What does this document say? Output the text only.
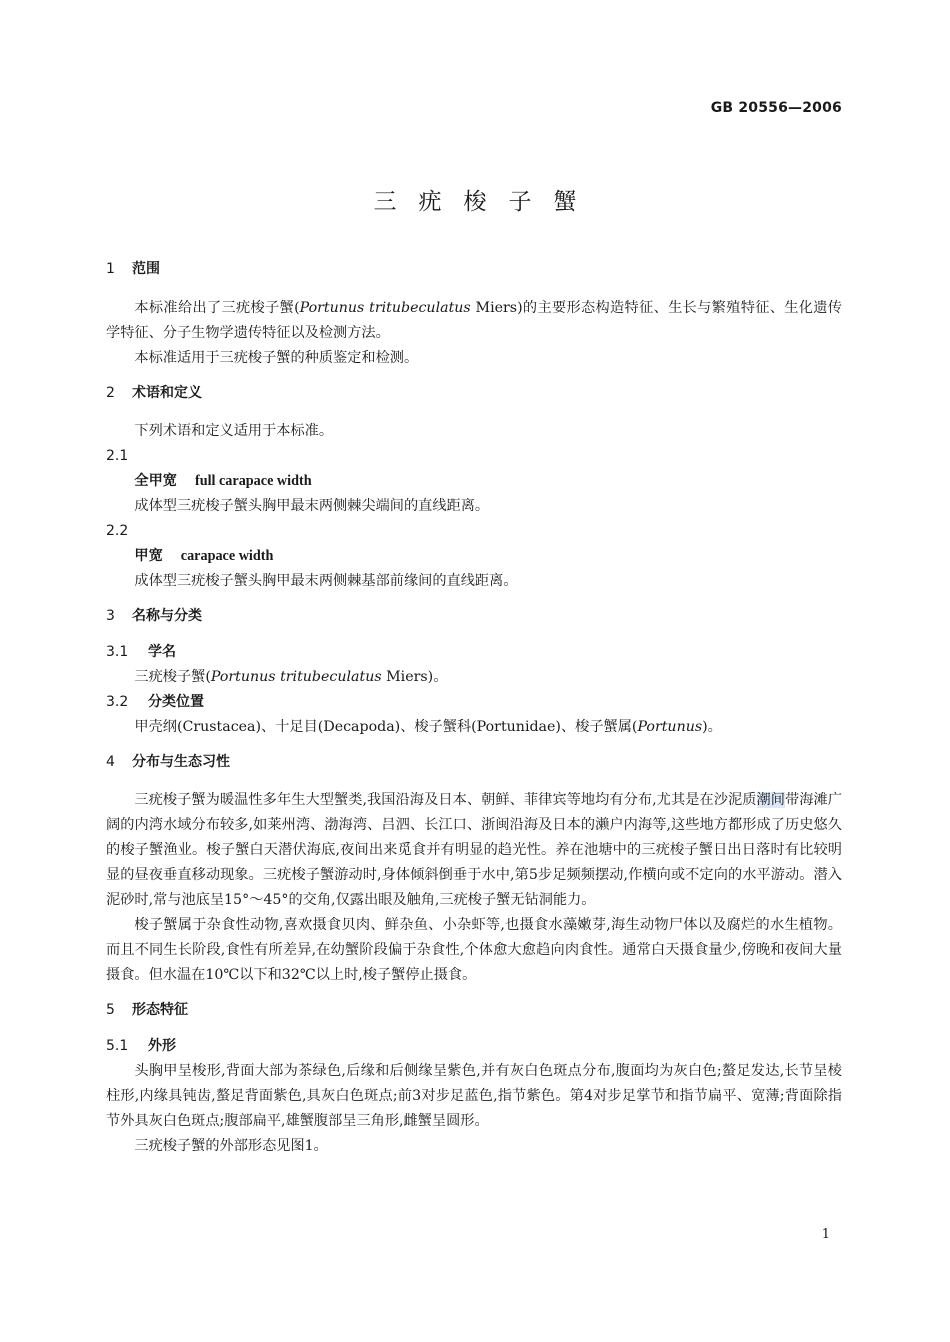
GB 20556—2006
三疣梭子蟹
1 范围

本标准给出了三疣梭子蟹(Portunus tritubeculatus Miers)的主要形态构造特征、生长与繁殖特征、生化遗传学特征、分子生物学遗传特征以及检测方法。

本标准适用于三疣梭子蟹的种质鉴定和检测。

2 术语和定义

下列术语和定义适用于本标准。

2.1
全甲宽 full carapace width

成体型三疣梭子蟹头胸甲最末两侧棘尖端间的直线距离。

2.2
甲宽 carapace width

成体型三疣梭子蟹头胸甲最末两侧棘基部前缘间的直线距离。

3 名称与分类
3.1 学名

三疣梭子蟹(Portunus tritubeculatus Miers)。

3.2 分类位置

甲壳纲(Crustacea)、十足目(Decapoda)、梭子蟹科(Portunidae)、梭子蟹属(Portunus)。

4 分布与生态习性

三疣梭子蟹为暖温性多年生大型蟹类,我国沿海及日本、朝鲜、菲律宾等地均有分布,尤其是在沙泥质潮间带海滩广阔的内湾水域分布较多,如莱州湾、渤海湾、吕泗、长江口、浙闽沿海及日本的濑户内海等,这些地方都形成了历史悠久的梭子蟹渔业。梭子蟹白天潜伏海底,夜间出来觅食并有明显的趋光性。养在池塘中的三疣梭子蟹日出日落时有比较明显的昼夜垂直移动现象。三疣梭子蟹游动时,身体倾斜倒垂于水中,第5步足频频摆动,作横向或不定向的水平游动。潜入泥砂时,常与池底呈15°～45°的交角,仅露出眼及触角,三疣梭子蟹无钻洞能力。

梭子蟹属于杂食性动物,喜欢摄食贝肉、鲜杂鱼、小杂虾等,也摄食水藻嫩芽,海生动物尸体以及腐烂的水生植物。而且不同生长阶段,食性有所差异,在幼蟹阶段偏于杂食性,个体愈大愈趋向肉食性。通常白天摄食量少,傍晚和夜间大量摄食。但水温在10℃以下和32℃以上时,梭子蟹停止摄食。

5 形态特征
5.1 外形

头胸甲呈梭形,背面大部为茶绿色,后缘和后侧缘呈紫色,并有灰白色斑点分布,腹面均为灰白色;螯足发达,长节呈棱柱形,内缘具钝齿,螯足背面紫色,具灰白色斑点;前3对步足蓝色,指节紫色。第4对步足掌节和指节扁平、宽薄;背面除指节外具灰白色斑点;腹部扁平,雄蟹腹部呈三角形,雌蟹呈圆形。

三疣梭子蟹的外部形态见图1。

1
